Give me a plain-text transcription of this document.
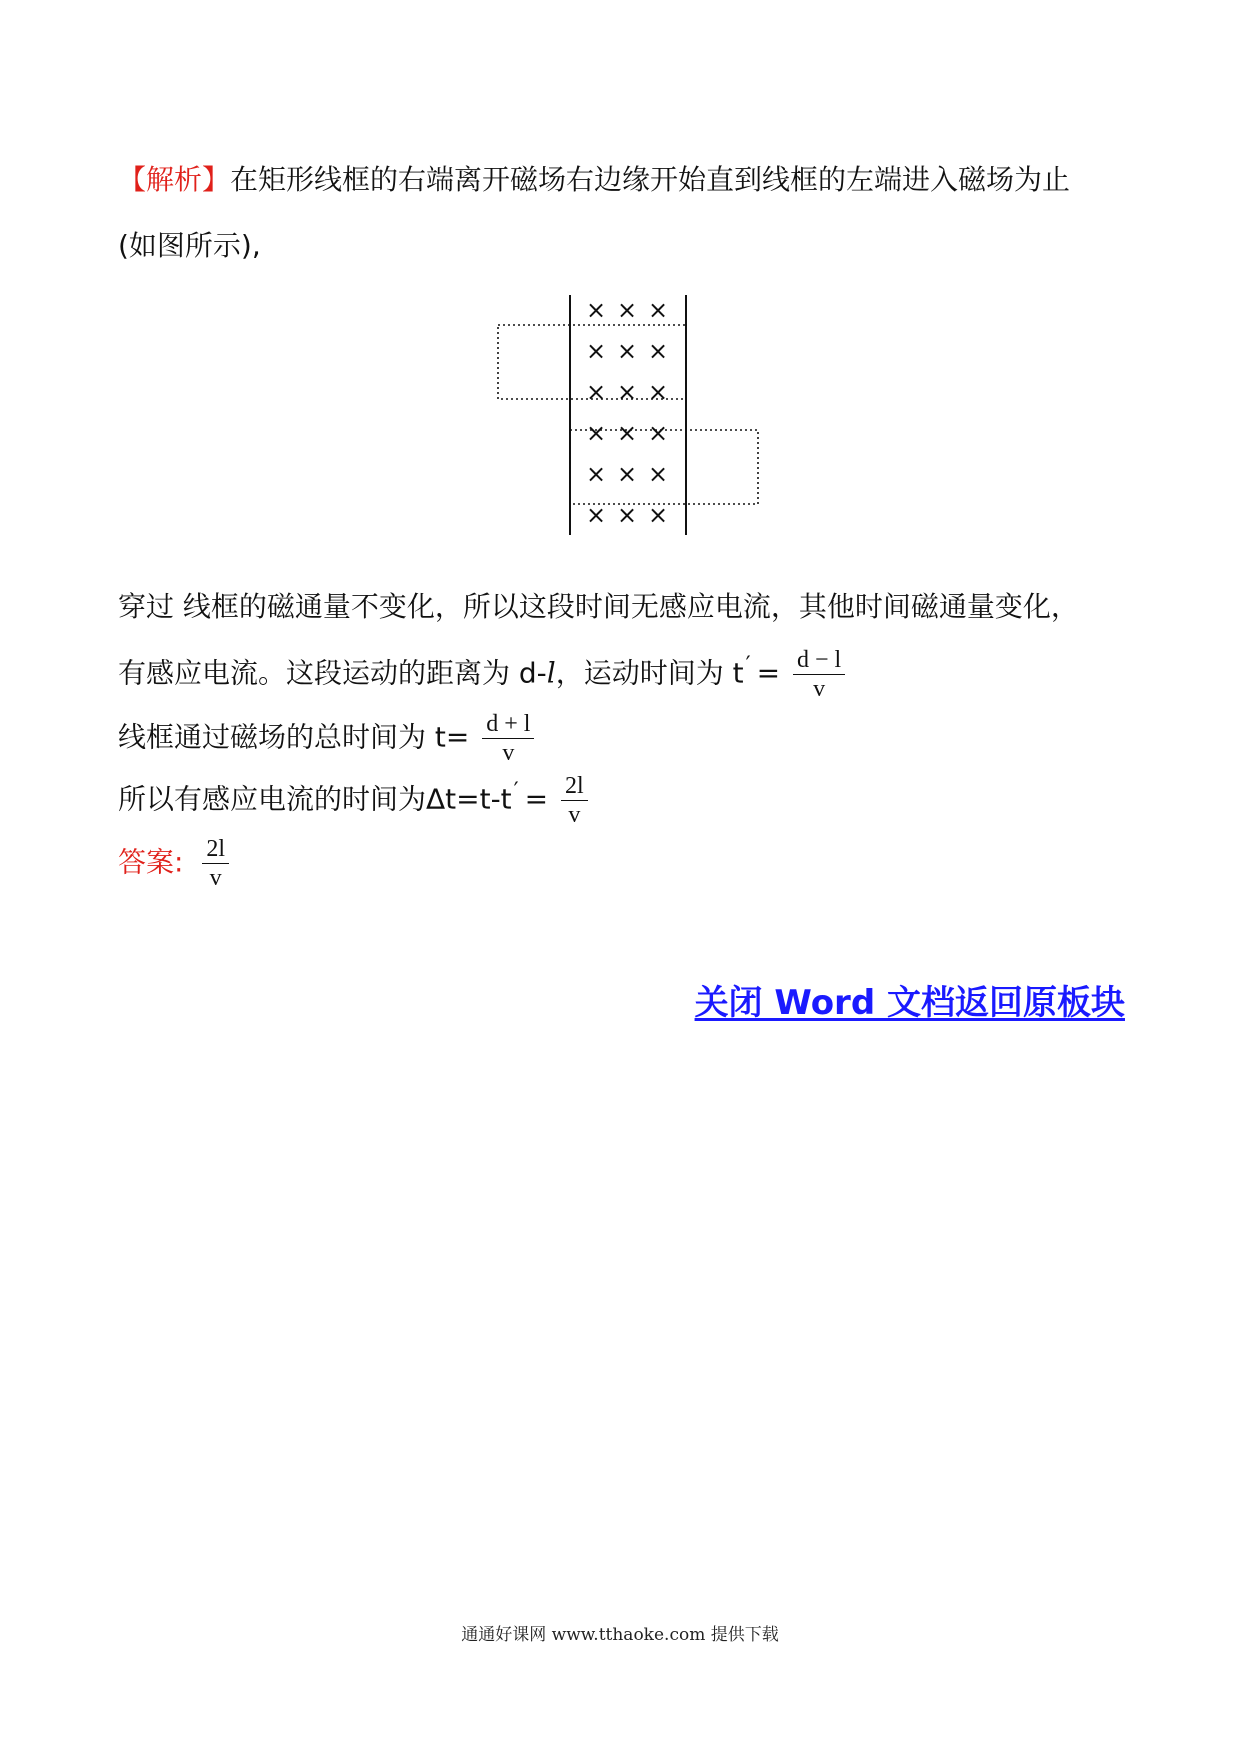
【解析】在矩形线框的右端离开磁场右边缘开始直到线框的左端进入磁场为止
(如图所示),
× × ×
× × ×
× × ×
× × ×
× × ×
× × ×
穿过 线框的磁通量不变化，所以这段时间无感应电流，其他时间磁通量变化，
有感应电流。这段运动的距离为 d-l，运动时间为 $t' = \frac{d - l}{v}$
线框通过磁场的总时间为 $t= \frac{d + l}{v}$
所以有感应电流的时间为$\Delta t=t-t' = \frac{2l}{v}$
答案: $\frac{2l}{v}$
关闭 Word 文档返回原板块
通通好课网 www.tthaoke.com 提供下载
